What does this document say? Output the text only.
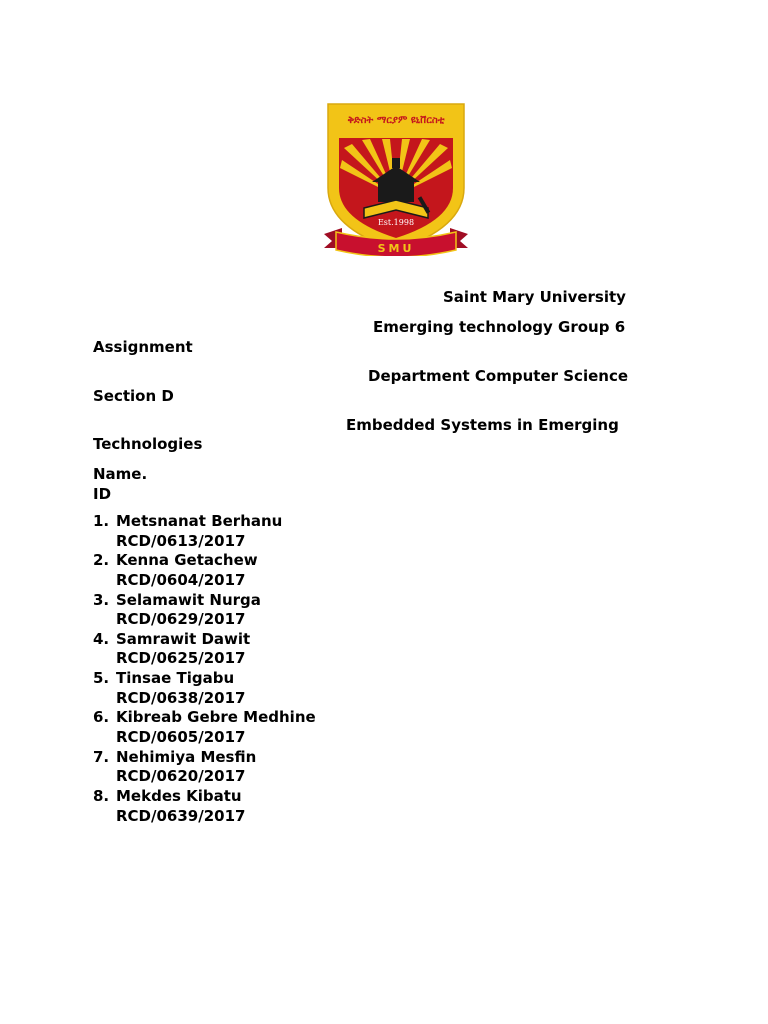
ቅድስት ማርያም ዩኒቨርስቲ
Est.1998
SMU
Saint Mary University
Emerging technology Group 6
Assignment
Department Computer Science
Section D
Embedded Systems in Emerging
Technologies
Name.
ID
1. Metsnanat Berhanu
RCD/0613/2017
2. Kenna Getachew
RCD/0604/2017
3. Selamawit Nurga
RCD/0629/2017
4. Samrawit Dawit
RCD/0625/2017
5. Tinsae Tigabu
RCD/0638/2017
6. Kibreab Gebre Medhine
RCD/0605/2017
7. Nehimiya Mesfin
RCD/0620/2017
8. Mekdes Kibatu
RCD/0639/2017
